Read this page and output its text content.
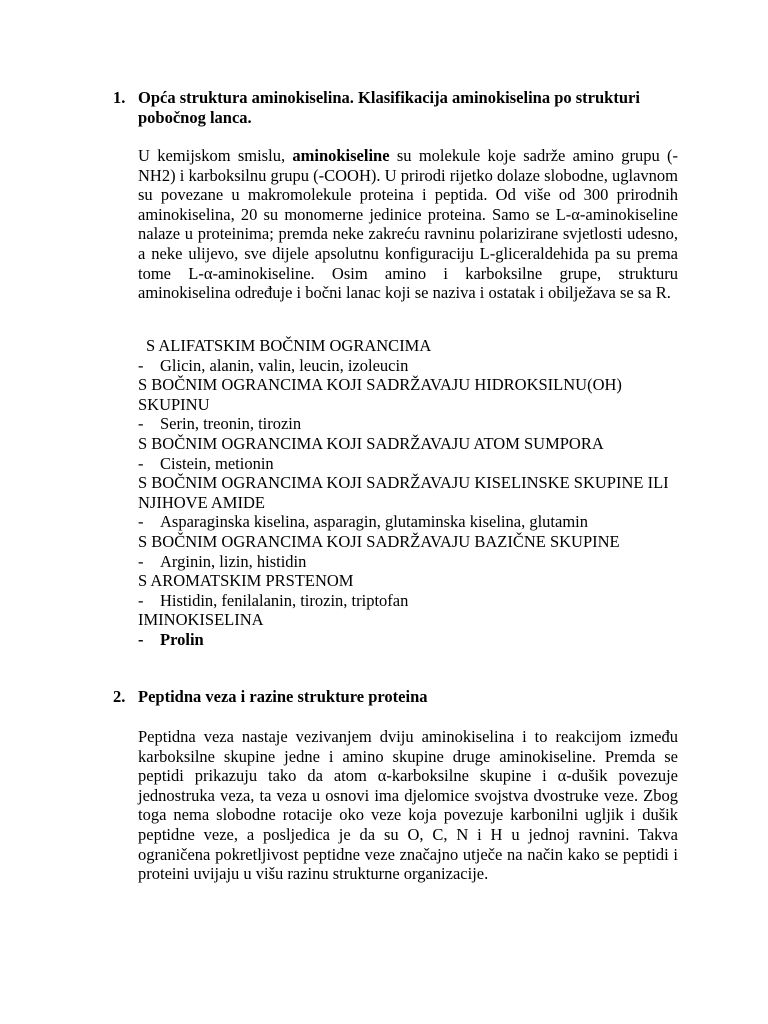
1. Opća struktura aminokiselina. Klasifikacija aminokiselina po strukturi pobočnog lanca.

U kemijskom smislu, aminokiseline su molekule koje sadrže amino grupu (-NH2) i karboksilnu grupu (-COOH). U prirodi rijetko dolaze slobodne, uglavnom su povezane u makromolekule proteina i peptida. Od više od 300 prirodnih aminokiselina, 20 su monomerne jedinice proteina. Samo se L-α-aminokiseline nalaze u proteinima; premda neke zakreću ravninu polarizirane svjetlosti udesno, a neke ulijevo, sve dijele apsolutnu konfiguraciju L-gliceraldehida pa su prema tome L-α-aminokiseline. Osim amino i karboksilne grupe, strukturu aminokiselina određuje i bočni lanac koji se naziva i ostatak i obilježava se sa R.

S ALIFATSKIM BOČNIM OGRANCIMA

- Glicin, alanin, valin, leucin, izoleucin

S BOČNIM OGRANCIMA KOJI SADRŽAVAJU HIDROKSILNU(OH) SKUPINU

- Serin, treonin, tirozin

S BOČNIM OGRANCIMA KOJI SADRŽAVAJU ATOM SUMPORA

- Cistein, metionin

S BOČNIM OGRANCIMA KOJI SADRŽAVAJU KISELINSKE SKUPINE ILI NJIHOVE AMIDE

- Asparaginska kiselina, asparagin, glutaminska kiselina, glutamin

S BOČNIM OGRANCIMA KOJI SADRŽAVAJU BAZIČNE SKUPINE

- Arginin, lizin, histidin

S AROMATSKIM PRSTENOM

- Histidin, fenilalanin, tirozin, triptofan

IMINOKISELINA

- Prolin

2. Peptidna veza i razine strukture proteina

Peptidna veza nastaje vezivanjem dviju aminokiselina i to reakcijom između karboksilne skupine jedne i amino skupine druge aminokiseline. Premda se peptidi prikazuju tako da atom α-karboksilne skupine i α-dušik povezuje jednostruka veza, ta veza u osnovi ima djelomice svojstva dvostruke veze. Zbog toga nema slobodne rotacije oko veze koja povezuje karbonilni ugljik i dušik peptidne veze, a posljedica je da su O, C, N i H u jednoj ravnini. Takva ograničena pokretljivost peptidne veze značajno utječe na način kako se peptidi i proteini uvijaju u višu razinu strukturne organizacije.
